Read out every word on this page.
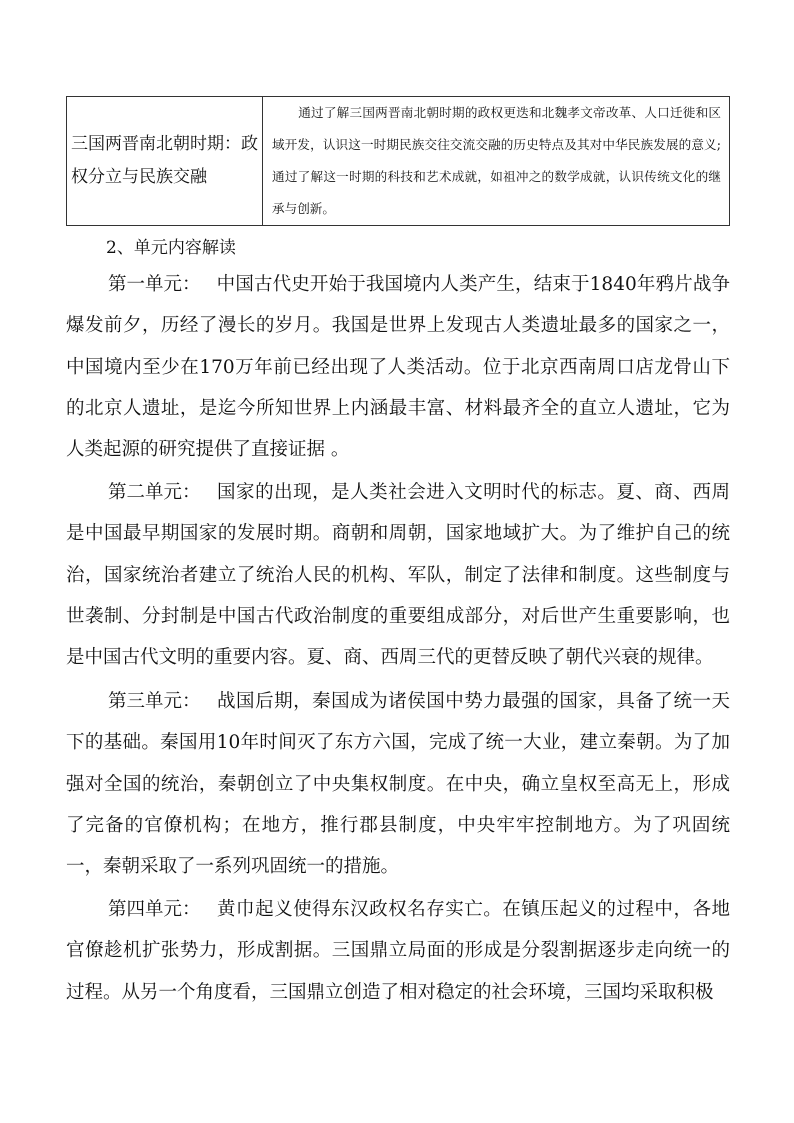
三国两晋南北朝时期：政权分立与民族交融	通过了解三国两晋南北朝时期的政权更迭和北魏孝文帝改革、人口迁徙和区域开发，认识这一时期民族交往交流交融的历史特点及其对中华民族发展的意义;通过了解这一时期的科技和艺术成就，如祖冲之的数学成就，认识传统文化的继承与创新。
2、单元内容解读
第一单元： 中国古代史开始于我国境内人类产生，结束于1840年鸦片战争爆发前夕，历经了漫长的岁月。我国是世界上发现古人类遗址最多的国家之一，中国境内至少在170万年前已经出现了人类活动。位于北京西南周口店龙骨山下的北京人遗址，是迄今所知世界上内涵最丰富、材料最齐全的直立人遗址，它为人类起源的研究提供了直接证据 。
第二单元： 国家的出现，是人类社会进入文明时代的标志。夏、商、西周是中国最早期国家的发展时期。商朝和周朝，国家地域扩大。为了维护自己的统治，国家统治者建立了统治人民的机构、军队，制定了法律和制度。这些制度与世袭制、分封制是中国古代政治制度的重要组成部分，对后世产生重要影响，也是中国古代文明的重要内容。夏、商、西周三代的更替反映了朝代兴衰的规律。
第三单元： 战国后期，秦国成为诸侯国中势力最强的国家，具备了统一天下的基础。秦国用10年时间灭了东方六国，完成了统一大业，建立秦朝。为了加强对全国的统治，秦朝创立了中央集权制度。在中央，确立皇权至高无上，形成了完备的官僚机构；在地方，推行郡县制度，中央牢牢控制地方。为了巩固统一，秦朝采取了一系列巩固统一的措施。
第四单元： 黄巾起义使得东汉政权名存实亡。在镇压起义的过程中，各地官僚趁机扩张势力，形成割据。三国鼎立局面的形成是分裂割据逐步走向统一的过程。从另一个角度看，三国鼎立创造了相对稳定的社会环境，三国均采取积极
